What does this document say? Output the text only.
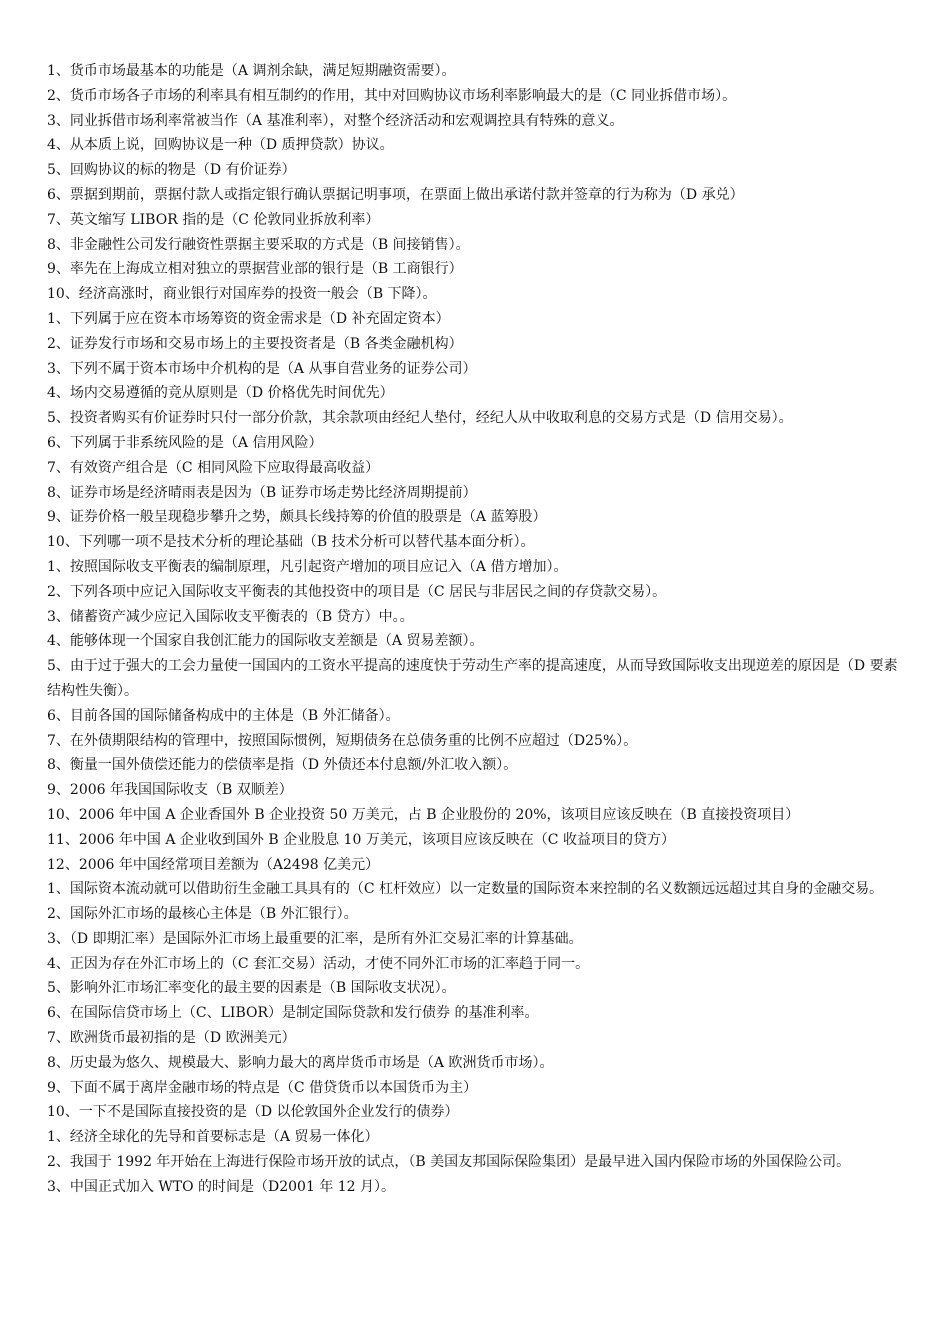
1、货币市场最基本的功能是（A 调剂余缺，满足短期融资需要）。

2、货币市场各子市场的利率具有相互制约的作用，其中对回购协议市场利率影响最大的是（C 同业拆借市场）。

3、同业拆借市场利率常被当作（A 基准利率），对整个经济活动和宏观调控具有特殊的意义。

4、从本质上说，回购协议是一种（D 质押贷款）协议。

5、回购协议的标的物是（D 有价证券）

6、票据到期前，票据付款人或指定银行确认票据记明事项，在票面上做出承诺付款并签章的行为称为（D 承兑）

7、英文缩写 LIBOR 指的是（C 伦敦同业拆放利率）

8、非金融性公司发行融资性票据主要采取的方式是（B 间接销售）。

9、率先在上海成立相对独立的票据营业部的银行是（B 工商银行）

10、经济高涨时，商业银行对国库券的投资一般会（B 下降）。

1、下列属于应在资本市场筹资的资金需求是（D 补充固定资本）

2、证券发行市场和交易市场上的主要投资者是（B 各类金融机构）

3、下列不属于资本市场中介机构的是（A 从事自营业务的证券公司）

4、场内交易遵循的竞从原则是（D 价格优先时间优先）

5、投资者购买有价证券时只付一部分价款，其余款项由经纪人垫付，经纪人从中收取利息的交易方式是（D 信用交易）。

6、下列属于非系统风险的是（A 信用风险）

7、有效资产组合是（C 相同风险下应取得最高收益）

8、证券市场是经济晴雨表是因为（B 证券市场走势比经济周期提前）

9、证券价格一般呈现稳步攀升之势，颇具长线持筹的价值的股票是（A 蓝筹股）

10、下列哪一项不是技术分析的理论基础（B 技术分析可以替代基本面分析）。

1、按照国际收支平衡表的编制原理，凡引起资产增加的项目应记入（A 借方增加）。

2、下列各项中应记入国际收支平衡表的其他投资中的项目是（C 居民与非居民之间的存贷款交易）。

3、储蓄资产减少应记入国际收支平衡表的（B 贷方）中。。

4、能够体现一个国家自我创汇能力的国际收支差额是（A 贸易差额）。

5、由于过于强大的工会力量使一国国内的工资水平提高的速度快于劳动生产率的提高速度，从而导致国际收支出现逆差的原因是（D 要素结构性失衡）。

6、目前各国的国际储备构成中的主体是（B 外汇储备）。

7、在外债期限结构的管理中，按照国际惯例，短期债务在总债务重的比例不应超过（D25%）。

8、衡量一国外债偿还能力的偿债率是指（D 外债还本付息额/外汇收入额）。

9、2006 年我国国际收支（B 双顺差）

10、2006 年中国 A 企业香国外 B 企业投资 50 万美元，占 B 企业股份的 20%，该项目应该反映在（B 直接投资项目）

11、2006 年中国 A 企业收到国外 B 企业股息 10 万美元，该项目应该反映在（C 收益项目的贷方）

12、2006 年中国经常项目差额为（A2498 亿美元）

1、国际资本流动就可以借助衍生金融工具具有的（C 杠杆效应）以一定数量的国际资本来控制的名义数额远远超过其自身的金融交易。

2、国际外汇市场的最核心主体是（B 外汇银行）。

3、（D 即期汇率）是国际外汇市场上最重要的汇率，是所有外汇交易汇率的计算基础。

4、正因为存在外汇市场上的（C 套汇交易）活动，才使不同外汇市场的汇率趋于同一。

5、影响外汇市场汇率变化的最主要的因素是（B 国际收支状况）。

6、在国际信贷市场上（C、LIBOR）是制定国际贷款和发行债券 的基准利率。

7、欧洲货币最初指的是（D 欧洲美元）

8、历史最为悠久、规模最大、影响力最大的离岸货币市场是（A 欧洲货币市场）。

9、下面不属于离岸金融市场的特点是（C 借贷货币以本国货币为主）

10、一下不是国际直接投资的是（D 以伦敦国外企业发行的债券）

1、经济全球化的先导和首要标志是（A 贸易一体化）

2、我国于 1992 年开始在上海进行保险市场开放的试点，（B 美国友邦国际保险集团）是最早进入国内保险市场的外国保险公司。

3、中国正式加入 WTO 的时间是（D2001 年 12 月）。
